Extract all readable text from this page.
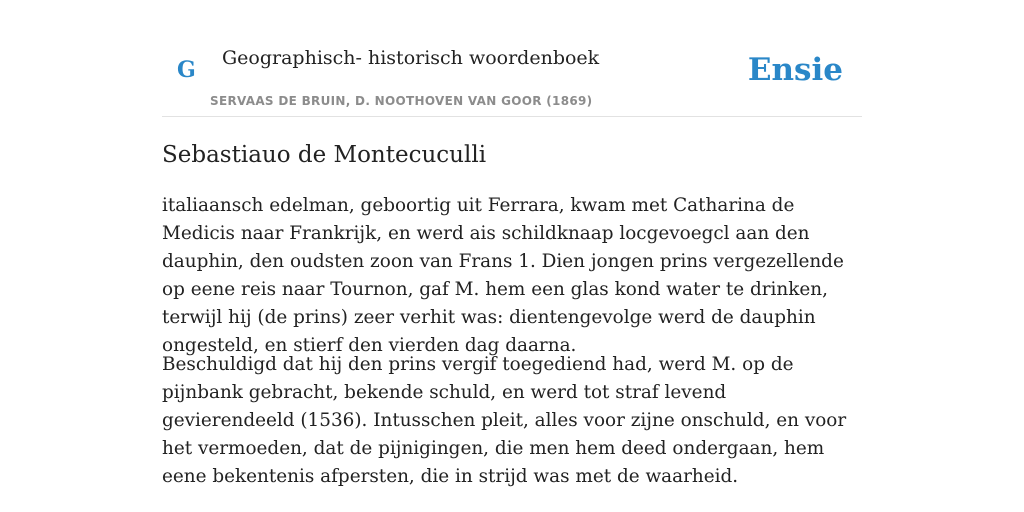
G Geographisch- historisch woordenboek
SERVAAS DE BRUIN, D. NOOTHOVEN VAN GOOR (1869)
Ensie
Sebastiauo de Montecuculli

italiaansch edelman, geboortig uit Ferrara, kwam met Catharina de Medicis naar Frankrijk, en werd ais schildknaap locgevoegcl aan den dauphin, den oudsten zoon van Frans 1. Dien jongen prins vergezellende op eene reis naar Tournon, gaf M. hem een glas kond water te drinken, terwijl hij (de prins) zeer verhit was: dientengevolge werd de dauphin ongesteld, en stierf den vierden dag daarna.

Beschuldigd dat hij den prins vergif toegediend had, werd M. op de pijnbank gebracht, bekende schuld, en werd tot straf levend gevierendeeld (1536). Intusschen pleit, alles voor zijne onschuld, en voor het vermoeden, dat de pijnigingen, die men hem deed ondergaan, hem eene bekentenis afpersten, die in strijd was met de waarheid.
